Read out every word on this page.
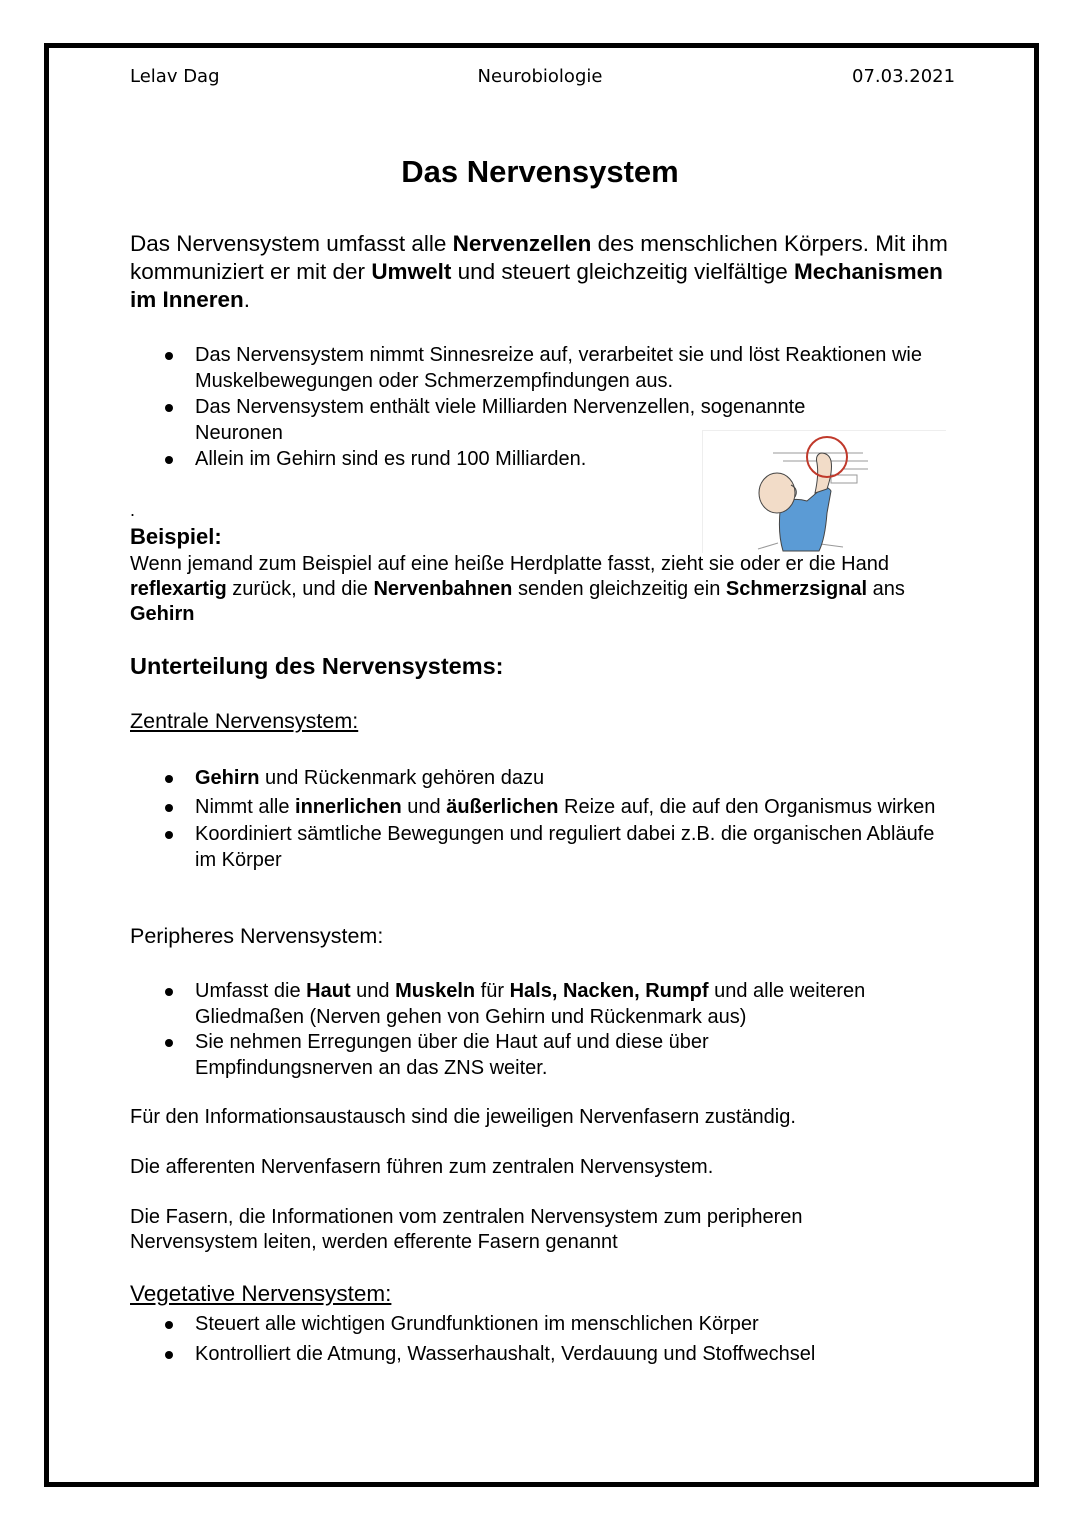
Lelav Dag	Neurobiologie	07.03.2021
Das Nervensystem
Das Nervensystem umfasst alle Nervenzellen des menschlichen Körpers. Mit ihm kommuniziert er mit der Umwelt und steuert gleichzeitig vielfältige Mechanismen im Inneren.
Das Nervensystem nimmt Sinnesreize auf, verarbeitet sie und löst Reaktionen wie Muskelbewegungen oder Schmerzempfindungen aus.
Das Nervensystem enthält viele Milliarden Nervenzellen, sogenannte Neuronen
Allein im Gehirn sind es rund 100 Milliarden.
.
Beispiel:
Wenn jemand zum Beispiel auf eine heiße Herdplatte fasst, zieht sie oder er die Hand reflexartig zurück, und die Nervenbahnen senden gleichzeitig ein Schmerzsignal ans Gehirn
Unterteilung des Nervensystems:
Zentrale Nervensystem:
Gehirn und Rückenmark gehören dazu
Nimmt alle innerlichen und äußerlichen Reize auf, die auf den Organismus wirken
Koordiniert sämtliche Bewegungen und reguliert dabei z.B. die organischen Abläufe im Körper
Peripheres Nervensystem:
Umfasst die Haut und Muskeln für Hals, Nacken, Rumpf und alle weiteren Gliedmaßen (Nerven gehen von Gehirn und Rückenmark aus)
Sie nehmen Erregungen über die Haut auf und diese über Empfindungsnerven an das ZNS weiter.
Für den Informationsaustausch sind die jeweiligen Nervenfasern zuständig.
Die afferenten Nervenfasern führen zum zentralen Nervensystem.
Die Fasern, die Informationen vom zentralen Nervensystem zum peripheren Nervensystem leiten, werden efferente Fasern genannt
Vegetative Nervensystem:
Steuert alle wichtigen Grundfunktionen im menschlichen Körper
Kontrolliert die Atmung, Wasserhaushalt, Verdauung und Stoffwechsel
